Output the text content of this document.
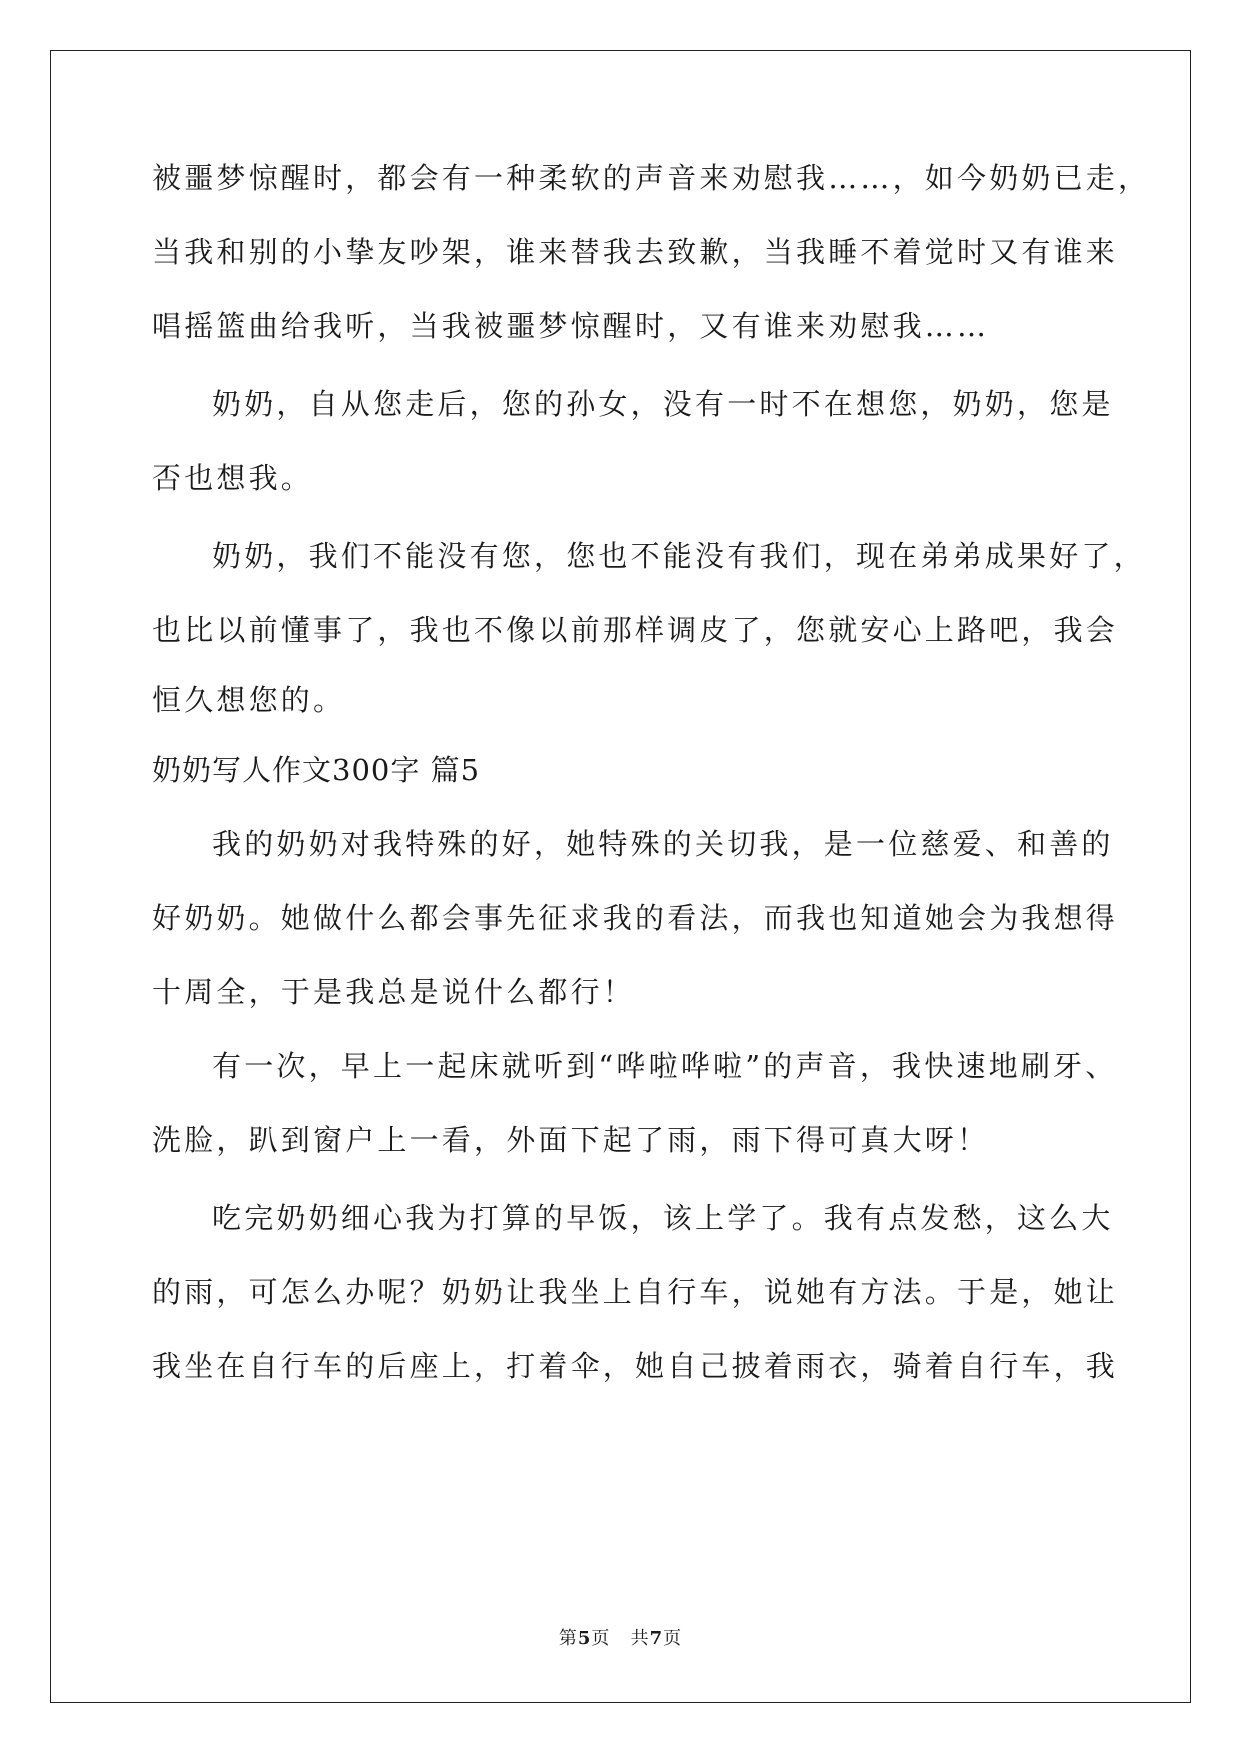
被噩梦惊醒时，都会有一种柔软的声音来劝慰我……，如今奶奶已走，
当我和别的小挚友吵架，谁来替我去致歉，当我睡不着觉时又有谁来
唱摇篮曲给我听，当我被噩梦惊醒时，又有谁来劝慰我……
奶奶，自从您走后，您的孙女，没有一时不在想您，奶奶，您是
否也想我。
奶奶，我们不能没有您，您也不能没有我们，现在弟弟成果好了，
也比以前懂事了，我也不像以前那样调皮了，您就安心上路吧，我会
恒久想您的。
奶奶写人作文300字 篇5
我的奶奶对我特殊的好，她特殊的关切我，是一位慈爱、和善的
好奶奶。她做什么都会事先征求我的看法，而我也知道她会为我想得
十周全，于是我总是说什么都行！
有一次，早上一起床就听到“哗啦哗啦”的声音，我快速地刷牙、
洗脸，趴到窗户上一看，外面下起了雨，雨下得可真大呀！
吃完奶奶细心我为打算的早饭，该上学了。我有点发愁，这么大
的雨，可怎么办呢？奶奶让我坐上自行车，说她有方法。于是，她让
我坐在自行车的后座上，打着伞，她自己披着雨衣，骑着自行车，我
第5页   共7页
